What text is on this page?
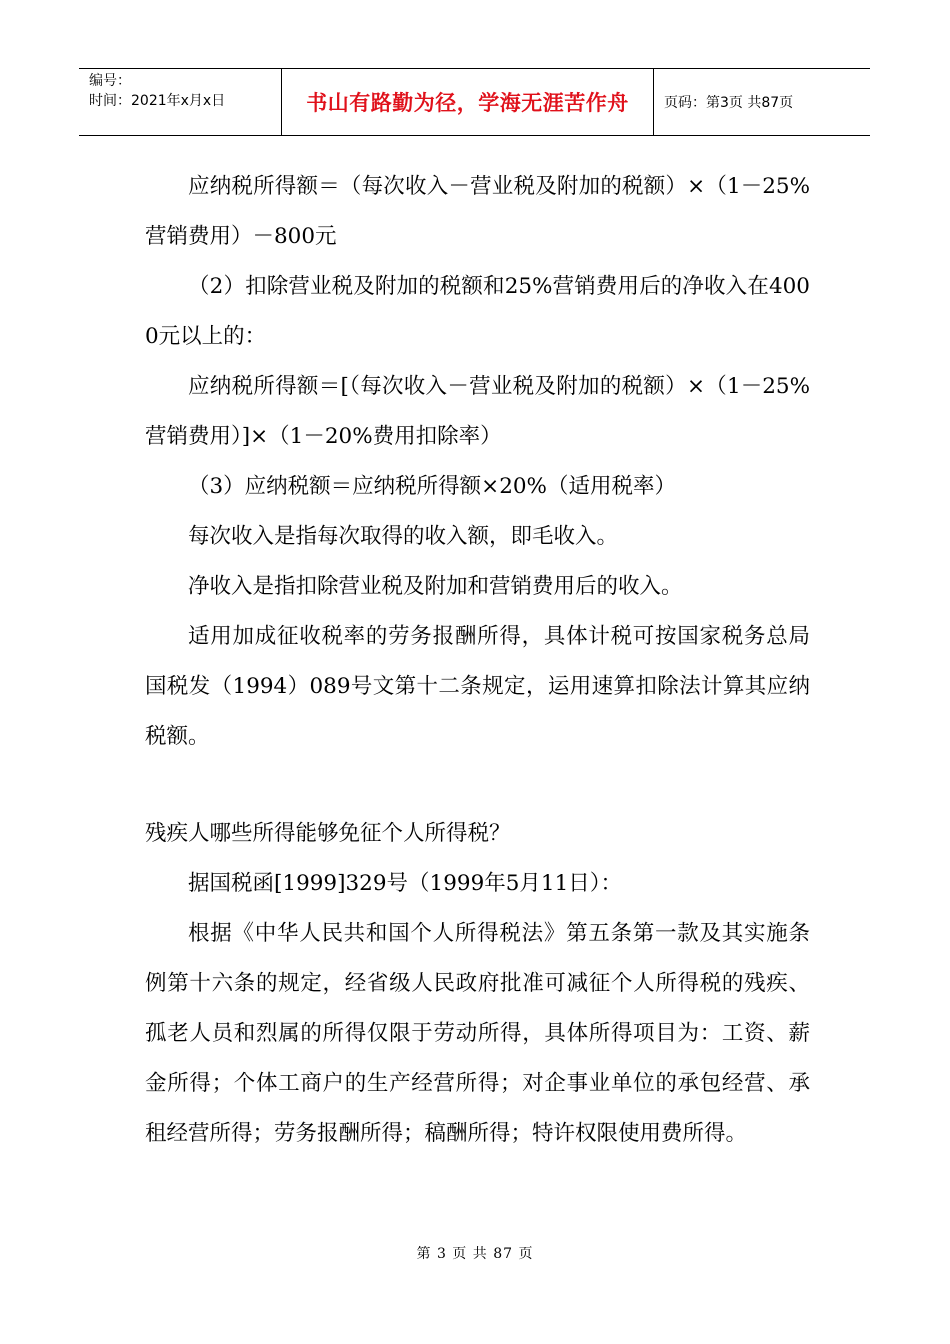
编号：
时间：2021年x月x日	书山有路勤为径，学海无涯苦作舟	页码：第3页 共87页

应纳税所得额＝（每次收入－营业税及附加的税额）×（1－25%营销费用）－800元

（2）扣除营业税及附加的税额和25%营销费用后的净收入在4000元以上的：

应纳税所得额＝[（每次收入－营业税及附加的税额）×（1－25%营销费用）]×（1－20%费用扣除率）

（3）应纳税额＝应纳税所得额×20%（适用税率）

每次收入是指每次取得的收入额，即毛收入。

净收入是指扣除营业税及附加和营销费用后的收入。

适用加成征收税率的劳务报酬所得，具体计税可按国家税务总局国税发（1994）089号文第十二条规定，运用速算扣除法计算其应纳税额。

残疾人哪些所得能够免征个人所得税？

据国税函[1999]329号（1999年5月11日）：

根据《中华人民共和国个人所得税法》第五条第一款及其实施条例第十六条的规定，经省级人民政府批准可减征个人所得税的残疾、孤老人员和烈属的所得仅限于劳动所得，具体所得项目为：工资、薪金所得；个体工商户的生产经营所得；对企事业单位的承包经营、承租经营所得；劳务报酬所得；稿酬所得；特许权限使用费所得。

第 3 页 共 87 页
